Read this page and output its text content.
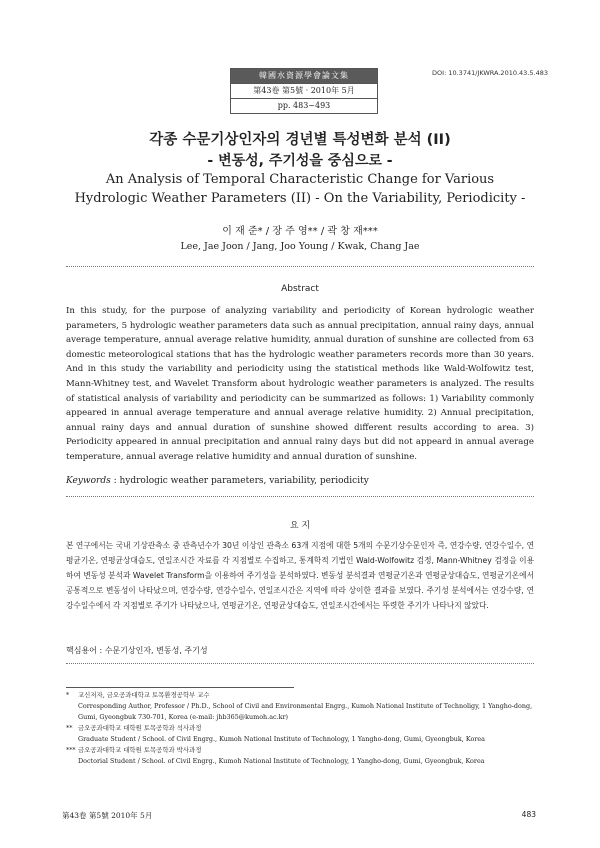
韓國水資源學會論文集
第43卷 第5號 · 2010年 5月
pp. 483~493
DOI: 10.3741/JKWRA.2010.43.5.483
각종 수문기상인자의 경년별 특성변화 분석 (II)
- 변동성, 주기성을 중심으로 -
An Analysis of Temporal Characteristic Change for Various
Hydrologic Weather Parameters (II) - On the Variability, Periodicity -
이 재 준* / 장 주 영** / 곽 창 재***
Lee, Jae Joon / Jang, Joo Young / Kwak, Chang Jae
Abstract
In this study, for the purpose of analyzing variability and periodicity of Korean hydrologic weather parameters, 5 hydrologic weather parameters data such as annual precipitation, annual rainy days, annual average temperature, annual average relative humidity, annual duration of sunshine are collected from 63 domestic meteorological stations that has the hydrologic weather parameters records more than 30 years. And in this study the variability and periodicity using the statistical methods like Wald-Wolfowitz test, Mann-Whitney test, and Wavelet Transform about hydrologic weather parameters is analyzed. The results of statistical analysis of variability and periodicity can be summarized as follows: 1) Variability commonly appeared in annual average temperature and annual average relative humidity. 2) Annual precipitation, annual rainy days and annual duration of sunshine showed different results according to area. 3) Periodicity appeared in annual precipitation and annual rainy days but did not appeard in annual average temperature, annual average relative humidity and annual duration of sunshine.
Keywords : hydrologic weather parameters, variability, periodicity
요 지
본 연구에서는 국내 기상관측소 중 관측년수가 30년 이상인 관측소 63개 지점에 대한 5개의 수문기상수문인자 즉, 연강수량, 연강수일수, 연평균기온, 연평균상대습도, 연일조시간 자료를 각 지점별로 수집하고, 통계학적 기법인 Wald-Wolfowitz 검정, Mann-Whitney 검정을 이용하여 변동성 분석과 Wavelet Transform을 이용하여 주기성을 분석하였다. 변동성 분석결과 연평균기온과 연평균상대습도, 연평균기온에서 공통적으로 변동성이 나타났으며, 연강수량, 연강수일수, 연일조시간은 지역에 따라 상이한 결과를 보였다. 주기성 분석에서는 연강수량, 연강수일수에서 각 지점별로 주기가 나타났으나, 연평균기온, 연평균상대습도, 연일조시간에서는 뚜렷한 주기가 나타나지 않았다.
핵심용어 : 수문기상인자, 변동성, 주기성
* 교신저자, 금오공과대학교 토목환경공학부 교수
Corresponding Author, Professor / Ph.D., School of Civil and Environmental Engrg., Kumoh National Institute of Technoligy, 1 Yangho-dong, Gumi, Gyeongbuk 730-701, Korea (e-mail: jhb365@kumoh.ac.kr)
** 금오공과대학교 대학원 토목공학과 석사과정
Graduate Student / School. of Civil Engrg., Kumoh National Institute of Technology, 1 Yangho-dong, Gumi, Gyeongbuk, Korea
*** 금오공과대학교 대학원 토목공학과 박사과정
Doctorial Student / School. of Civil Engrg., Kumoh National Institute of Technology, 1 Yangho-dong, Gumi, Gyeongbuk, Korea
第43卷 第5號 2010年 5月	483
